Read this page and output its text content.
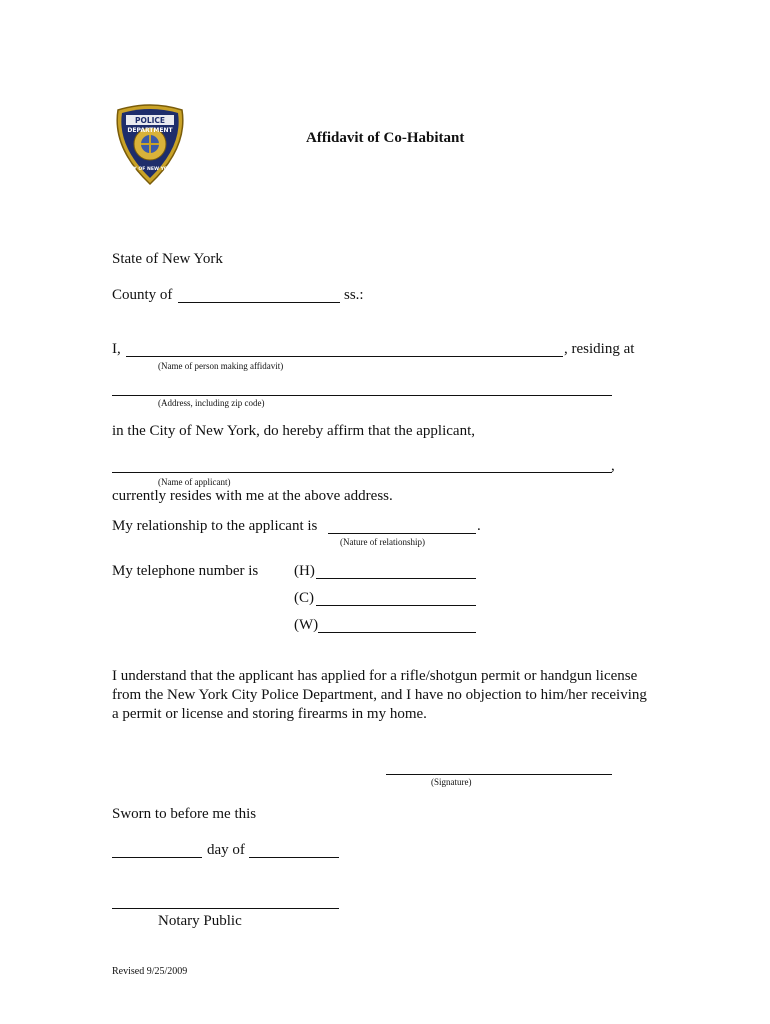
POLICE
DEPARTMENT
CITY OF NEW YORK
Affidavit of Co-Habitant
State of New York
County of	ss.:
I,	, residing at
(Name of person making affidavit)
(Address, including zip code)
in the City of New York, do hereby affirm that the applicant,
,
(Name of applicant)
currently resides with me at the above address.
My relationship to the applicant is	.
(Nature of relationship)
My telephone number is (H)
(C)
(W)
I understand that the applicant has applied for a rifle/shotgun permit or handgun license
from the New York City Police Department, and I have no objection to him/her receiving
a permit or license and storing firearms in my home.
(Signature)
Sworn to before me this
day of
Notary Public
Revised 9/25/2009
